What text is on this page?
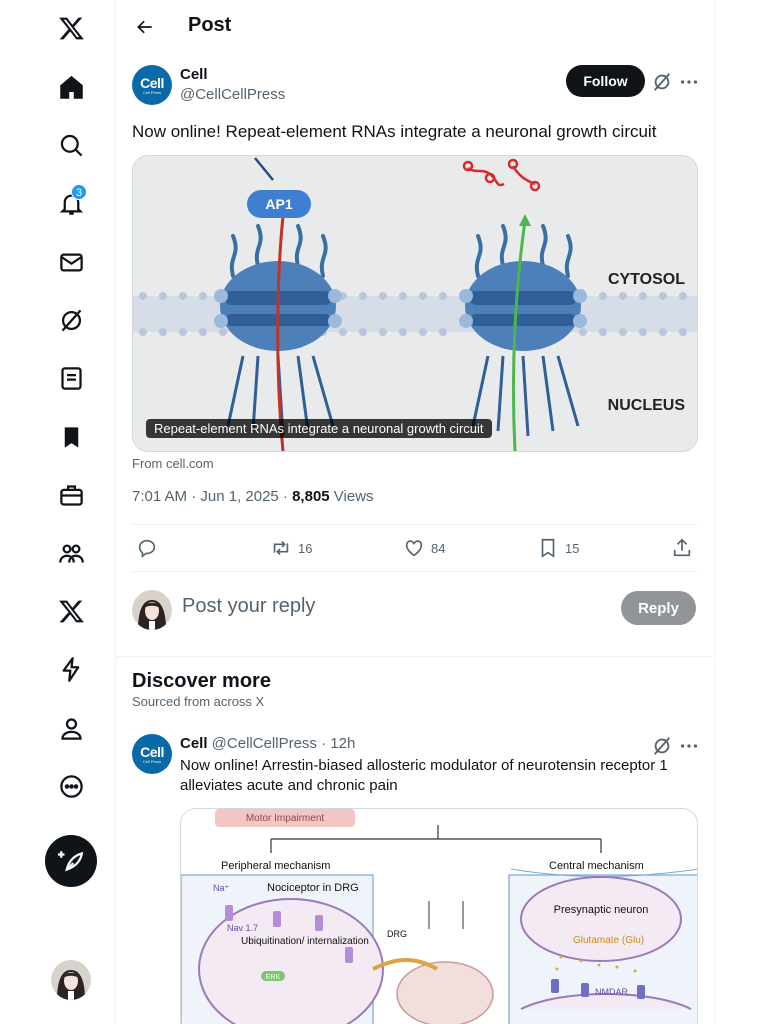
3
Post
Cell
Cell Press
Cell
@CellCellPress
Follow
Now online! Repeat-element RNAs integrate a neuronal growth circuit
AP1
CYTOSOL
NUCLEUS
Repeat-element RNAs integrate a neuronal growth circuit
From cell.com
7:01 AM · Jun 1, 2025 · 8,805 Views
16	84	15
Post your reply	Reply
Discover more
Sourced from across X
Cell
Cell Press
Cell @CellCellPress · 12h
Now online! Arrestin-biased allosteric modulator of neurotensin receptor 1 alleviates acute and chronic pain
Motor Impairment
Peripheral mechanism	Central mechanism
Nociceptor in DRG
Na⁺
Nav 1.7
Ubiquitination/ internalization
ERK
DRG
Presynaptic neuron
Glutamate (Glu)
NMDAR
